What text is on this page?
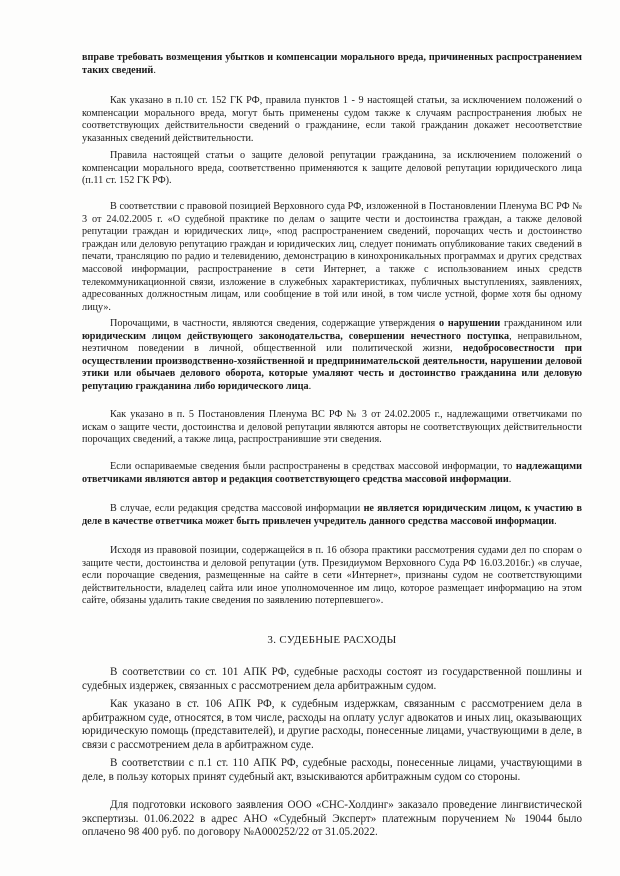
вправе требовать возмещения убытков и компенсации морального вреда, причиненных распространением таких сведений.

Как указано в п.10 ст. 152 ГК РФ, правила пунктов 1 - 9 настоящей статьи, за исключением положений о компенсации морального вреда, могут быть применены судом также к случаям распространения любых не соответствующих действительности сведений о гражданине, если такой гражданин докажет несоответствие указанных сведений действительности.

Правила настоящей статьи о защите деловой репутации гражданина, за исключением положений о компенсации морального вреда, соответственно применяются к защите деловой репутации юридического лица (п.11 ст. 152 ГК РФ).

В соответствии с правовой позицией Верховного суда РФ, изложенной в Постановлении Пленума ВС РФ № 3 от 24.02.2005 г. «О судебной практике по делам о защите чести и достоинства граждан, а также деловой репутации граждан и юридических лиц», «под распространением сведений, порочащих честь и достоинство граждан или деловую репутацию граждан и юридических лиц, следует понимать опубликование таких сведений в печати, трансляцию по радио и телевидению, демонстрацию в кинохроникальных программах и других средствах массовой информации, распространение в сети Интернет, а также с использованием иных средств телекоммуникационной связи, изложение в служебных характеристиках, публичных выступлениях, заявлениях, адресованных должностным лицам, или сообщение в той или иной, в том числе устной, форме хотя бы одному лицу».

Порочащими, в частности, являются сведения, содержащие утверждения о нарушении гражданином или юридическим лицом действующего законодательства, совершении нечестного поступка, неправильном, неэтичном поведении в личной, общественной или политической жизни, недобросовестности при осуществлении производственно-хозяйственной и предпринимательской деятельности, нарушении деловой этики или обычаев делового оборота, которые умаляют честь и достоинство гражданина или деловую репутацию гражданина либо юридического лица.

Как указано в п. 5 Постановления Пленума ВС РФ № 3 от 24.02.2005 г., надлежащими ответчиками по искам о защите чести, достоинства и деловой репутации являются авторы не соответствующих действительности порочащих сведений, а также лица, распространившие эти сведения.

Если оспариваемые сведения были распространены в средствах массовой информации, то надлежащими ответчиками являются автор и редакция соответствующего средства массовой информации.

В случае, если редакция средства массовой информации не является юридическим лицом, к участию в деле в качестве ответчика может быть привлечен учредитель данного средства массовой информации.

Исходя из правовой позиции, содержащейся в п. 16 обзора практики рассмотрения судами дел по спорам о защите чести, достоинства и деловой репутации (утв. Президиумом Верховного Суда РФ 16.03.2016г.) «в случае, если порочащие сведения, размещенные на сайте в сети «Интернет», признаны судом не соответствующими действительности, владелец сайта или иное уполномоченное им лицо, которое размещает информацию на этом сайте, обязаны удалить такие сведения по заявлению потерпевшего».

3. СУДЕБНЫЕ РАСХОДЫ

В соответствии со ст. 101 АПК РФ, судебные расходы состоят из государственной пошлины и судебных издержек, связанных с рассмотрением дела арбитражным судом.

Как указано в ст. 106 АПК РФ, к судебным издержкам, связанным с рассмотрением дела в арбитражном суде, относятся, в том числе, расходы на оплату услуг адвокатов и иных лиц, оказывающих юридическую помощь (представителей), и другие расходы, понесенные лицами, участвующими в деле, в связи с рассмотрением дела в арбитражном суде.

В соответствии с п.1 ст. 110 АПК РФ, судебные расходы, понесенные лицами, участвующими в деле, в пользу которых принят судебный акт, взыскиваются арбитражным судом со стороны.

Для подготовки искового заявления ООО «СНС-Холдинг» заказало проведение лингвистической экспертизы. 01.06.2022 в адрес АНО «Судебный Эксперт» платежным поручением № 19044 было оплачено 98 400 руб. по договору №А000252/22 от 31.05.2022.
